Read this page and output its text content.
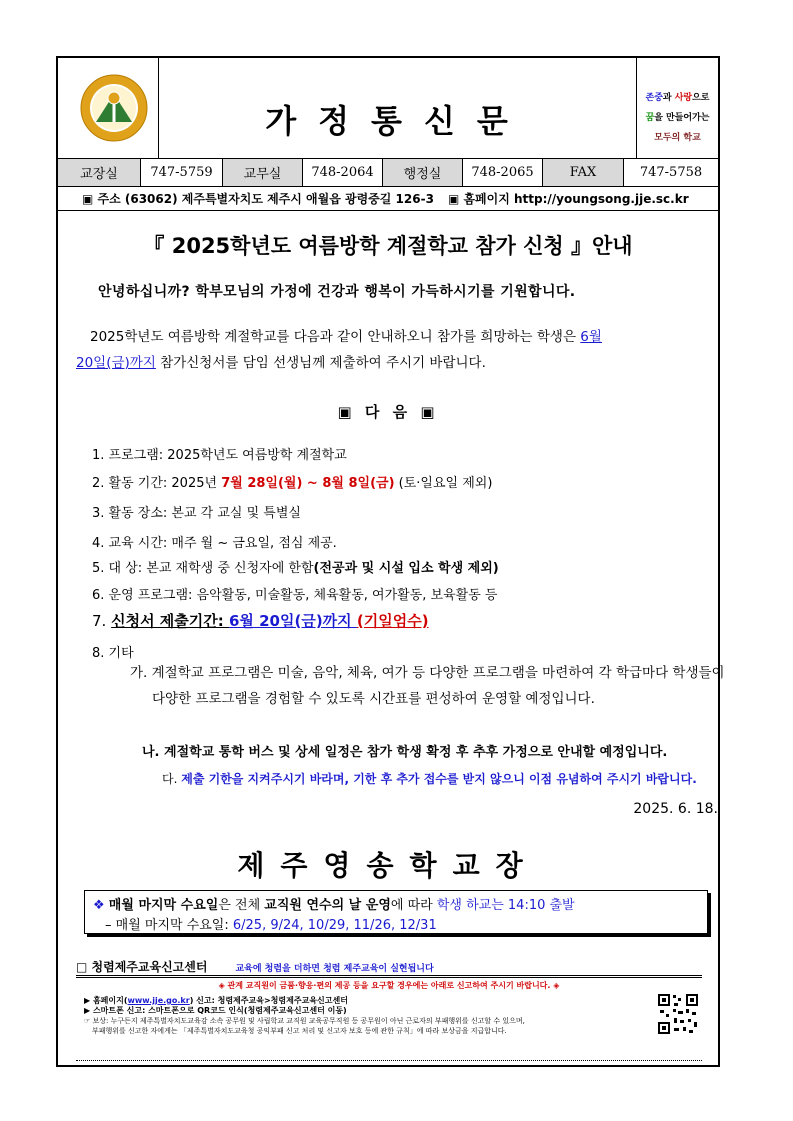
가정통신문
존중과 사랑으로
꿈을 만들어가는
모두의 학교
교장실	747-5759	교무실	748-2064	행정실	748-2065	FAX	747-5758
▣ 주소 (63062) 제주특별자치도 제주시 애월읍 광령중길 126-3 ▣ 홈페이지 http://youngsong.jje.sc.kr
『 2025학년도 여름방학 계절학교 참가 신청 』안내
안녕하십니까? 학부모님의 가정에 건강과 행복이 가득하시기를 기원합니다.
2025학년도 여름방학 계절학교를 다음과 같이 안내하오니 참가를 희망하는 학생은 6월
20일(금)까지 참가신청서를 담임 선생님께 제출하여 주시기 바랍니다.
▣ 다 음 ▣
1. 프로그램: 2025학년도 여름방학 계절학교
2. 활동 기간: 2025년 7월 28일(월) ~ 8월 8일(금) (토·일요일 제외)
3. 활동 장소: 본교 각 교실 및 특별실
4. 교육 시간: 매주 월 ~ 금요일, 점심 제공.
5. 대 상: 본교 재학생 중 신청자에 한함(전공과 및 시설 입소 학생 제외)
6. 운영 프로그램: 음악활동, 미술활동, 체육활동, 여가활동, 보육활동 등
7. 신청서 제출기간: 6월 20일(금)까지 (기일엄수)
8. 기타
가. 계절학교 프로그램은 미술, 음악, 체육, 여가 등 다양한 프로그램을 마련하여 각 학급마다 학생들이 다양한 프로그램을 경험할 수 있도록 시간표를 편성하여 운영할 예정입니다.
나. 계절학교 통학 버스 및 상세 일정은 참가 학생 확정 후 추후 가정으로 안내할 예정입니다.
다. 제출 기한을 지켜주시기 바라며, 기한 후 추가 접수를 받지 않으니 이점 유념하여 주시기 바랍니다.
2025. 6. 18.
제주영송학교장
❖ 매월 마지막 수요일은 전체 교직원 연수의 날 운영에 따라 학생 하교는 14:10 출발
– 매월 마지막 수요일: 6/25, 9/24, 10/29, 11/26, 12/31
□ 청렴제주교육신고센터	교육에 청렴을 더하면 청렴 제주교육이 실현됩니다
◈ 관계 교직원이 금품·향응·편의 제공 등을 요구할 경우에는 아래로 신고하여 주시기 바랍니다. ◈
▶ 홈페이지(www.jje.go.kr) 신고: 청렴제주교육>청렴제주교육신고센터
▶ 스마트폰 신고: 스마트폰으로 QR코드 인식(청렴제주교육신고센터 이동)
☞ 보상: 누구든지 제주특별자치도교육감 소속 공무원 및 사립학교 교직원 교육공무직원 등 공무원이 아닌 근로자의 부패행위를 신고할 수 있으며,
부패행위를 신고한 자에게는 「제주특별자치도교육청 공익부패 신고 처리 및 신고자 보호 등에 관한 규칙」에 따라 보상금을 지급합니다.
